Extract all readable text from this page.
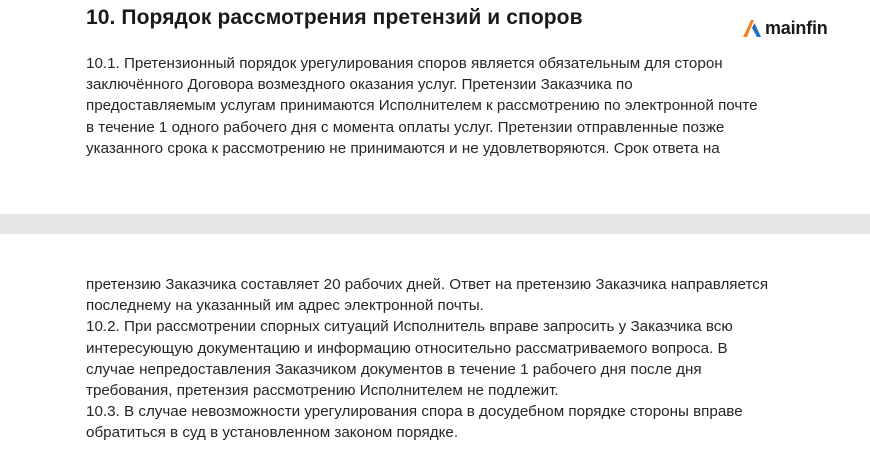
10. Порядок рассмотрения претензий и споров	mainfin
10.1. Претензионный порядок урегулирования споров является обязательным для сторон
заключённого Договора возмездного оказания услуг. Претензии Заказчика по
предоставляемым услугам принимаются Исполнителем к рассмотрению по электронной почте
в течение 1 одного рабочего дня с момента оплаты услуг. Претензии отправленные позже
указанного срока к рассмотрению не принимаются и не удовлетворяются. Срок ответа на
претензию Заказчика составляет 20 рабочих дней. Ответ на претензию Заказчика направляется
последнему на указанный им адрес электронной почты.
10.2. При рассмотрении спорных ситуаций Исполнитель вправе запросить у Заказчика всю
интересующую документацию и информацию относительно рассматриваемого вопроса. В
случае непредоставления Заказчиком документов в течение 1 рабочего дня после дня
требования, претензия рассмотрению Исполнителем не подлежит.
10.3. В случае невозможности урегулирования спора в досудебном порядке стороны вправе
обратиться в суд в установленном законом порядке.
